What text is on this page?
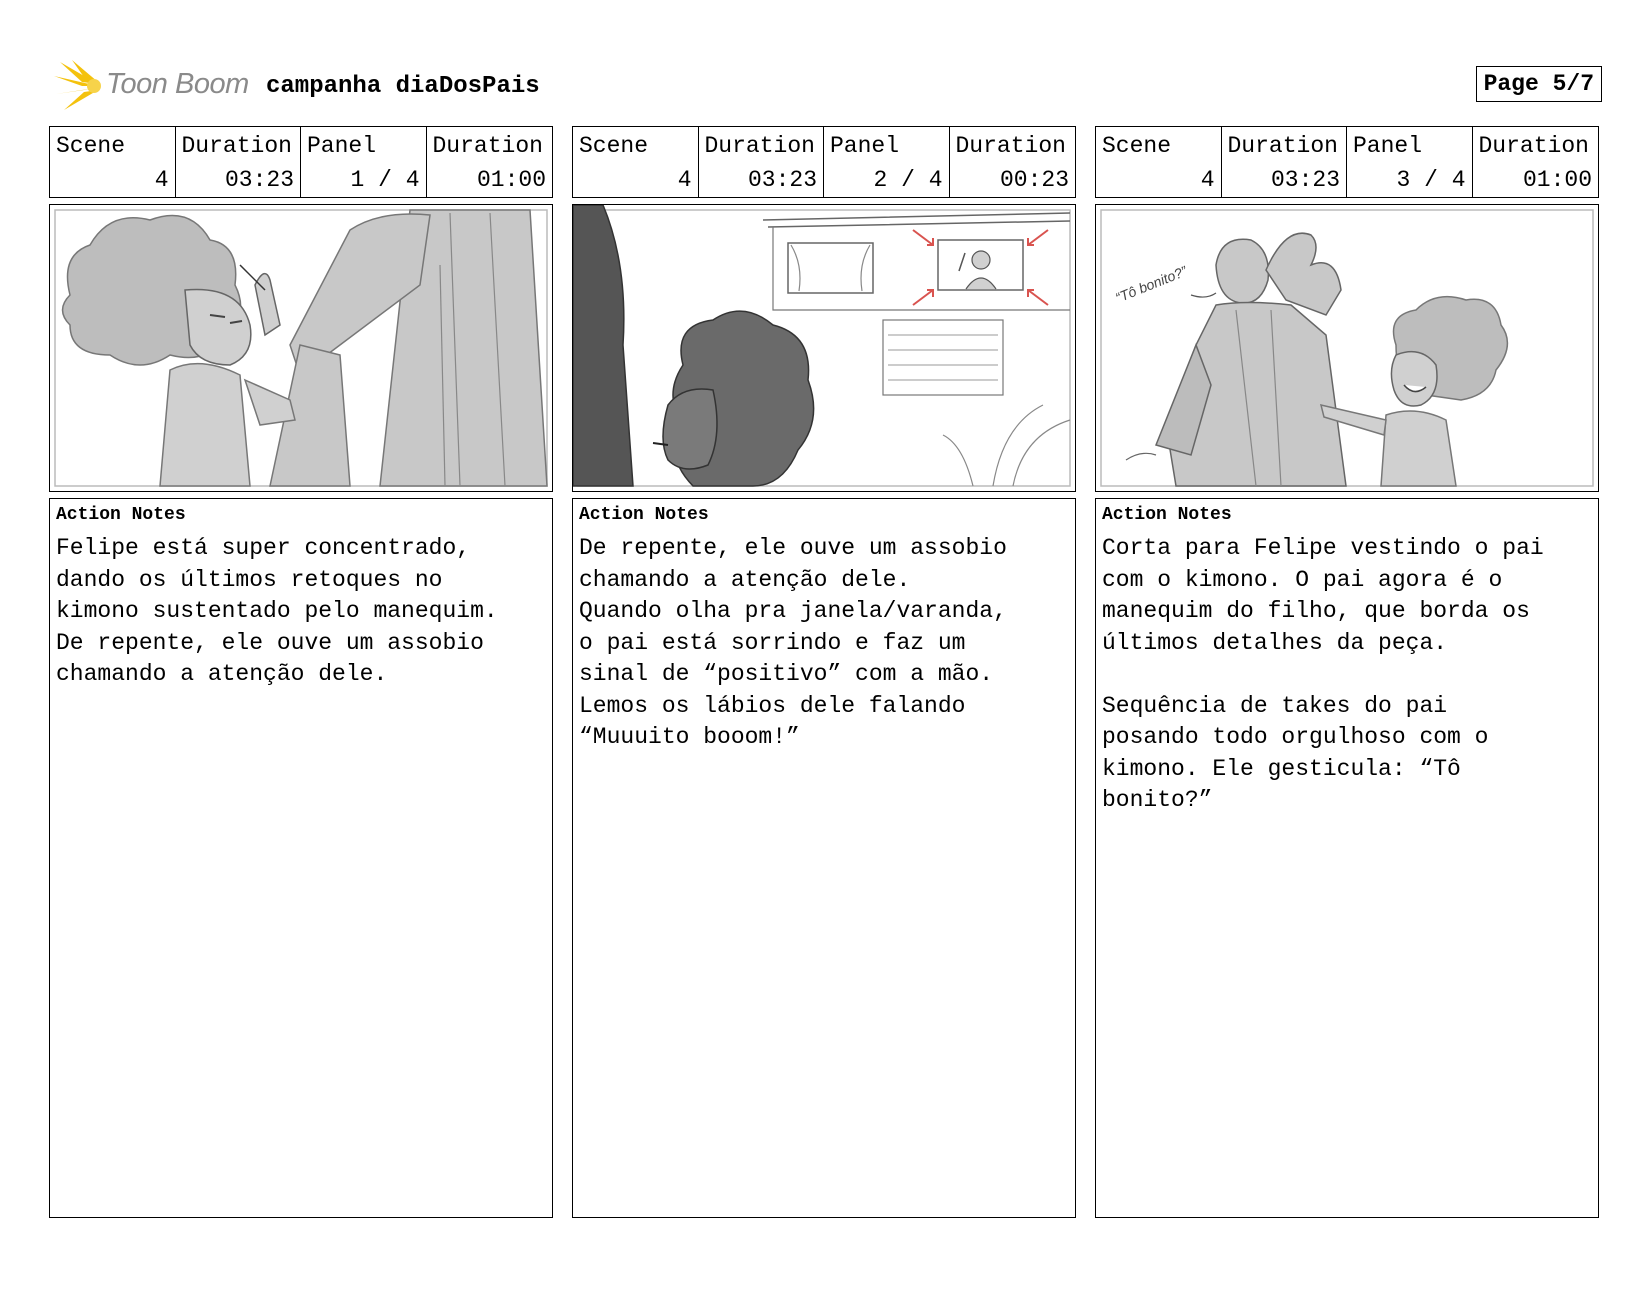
Toon Boom campanha diaDosPais	Page 5/7
Scene
4
Duration
03:23
Panel
1 / 4
Duration
01:00
Action Notes
Felipe está super concentrado,
dando os últimos retoques no
kimono sustentado pelo manequim.
De repente, ele ouve um assobio
chamando a atenção dele.
Scene
4
Duration
03:23
Panel
2 / 4
Duration
00:23
Action Notes
De repente, ele ouve um assobio
chamando a atenção dele.
Quando olha pra janela/varanda,
o pai está sorrindo e faz um
sinal de “positivo” com a mão.
Lemos os lábios dele falando
“Muuuito booom!”
Scene
4
Duration
03:23
Panel
3 / 4
Duration
01:00
“Tô bonito?”
Action Notes
Corta para Felipe vestindo o pai
com o kimono. O pai agora é o
manequim do filho, que borda os
últimos detalhes da peça.

Sequência de takes do pai
posando todo orgulhoso com o
kimono. Ele gesticula: “Tô
bonito?”
